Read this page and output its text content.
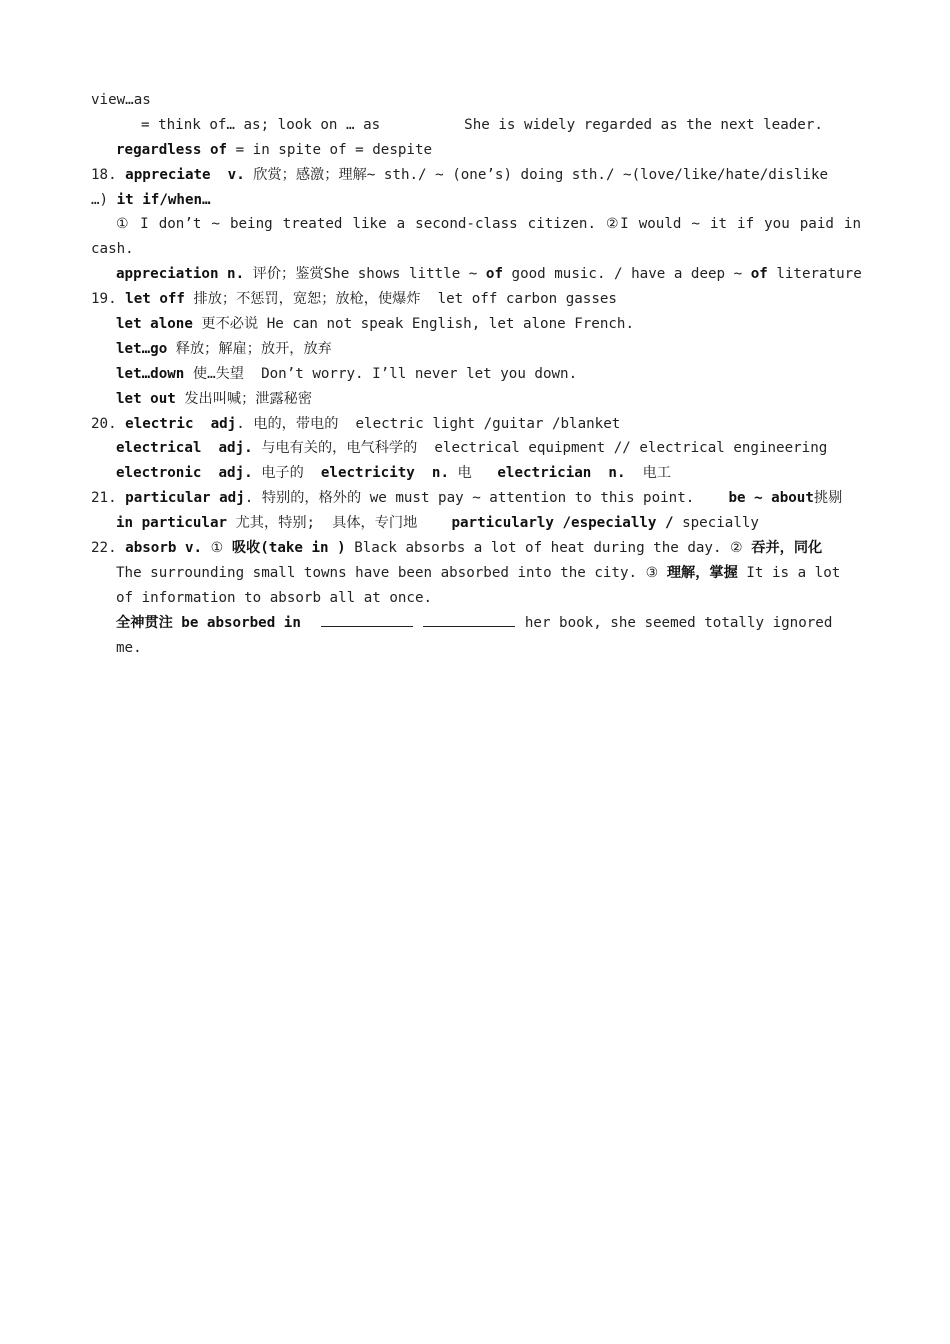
view…as
= think of… as; look on … as	She is widely regarded as the next leader.
regardless of = in spite of = despite
18. appreciate  v. 欣赏；感激；理解~ sth./ ~ (one’s) doing sth./ ~(love/like/hate/dislike
…) it if/when…
① I don’t ~ being treated like a second-class citizen. ②I would ~ it if you paid in
cash.
appreciation n. 评价；鉴赏She shows little ~ of good music. / have a deep ~ of literature
19. let off 排放；不惩罚，宽恕；放枪，使爆炸  let off carbon gasses
let alone 更不必说 He can not speak English, let alone French.
let…go 释放；解雇；放开，放弃
let…down 使…失望  Don’t worry. I’ll never let you down.
let out 发出叫喊；泄露秘密
20. electric  adj. 电的，带电的  electric light /guitar /blanket
electrical  adj. 与电有关的，电气科学的  electrical equipment // electrical engineering
electronic  adj. 电子的  electricity  n. 电   electrician  n.  电工
21. particular adj. 特别的，格外的 we must pay ~ attention to this point.    be ~ about挑剔
in particular 尤其，特别;  具体，专门地    particularly /especially / specially
22. absorb v. ① 吸收(take in ) Black absorbs a lot of heat during the day. ② 吞并，同化
The surrounding small towns have been absorbed into the city. ③ 理解，掌握 It is a lot
of information to absorb all at once.
全神贯注 be absorbed in	her book, she seemed totally ignored
me.
